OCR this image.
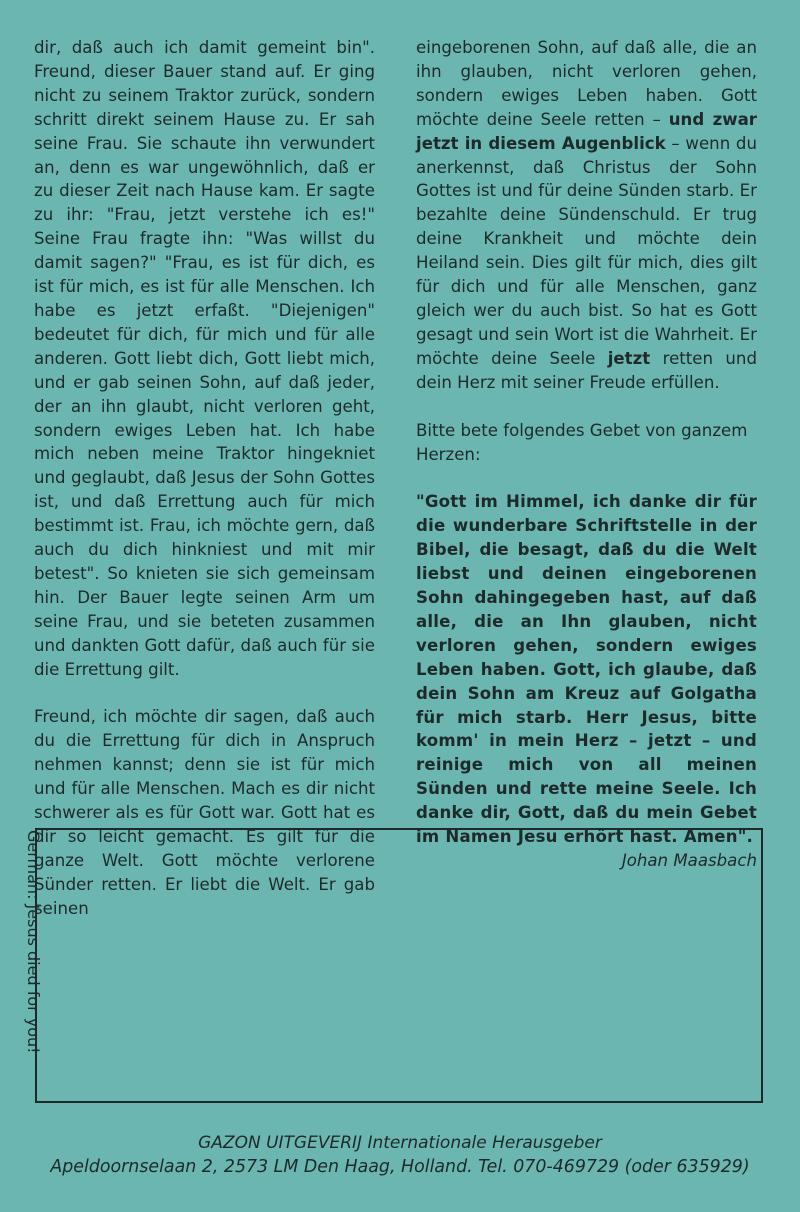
dir, daß auch ich damit gemeint bin". Freund, dieser Bauer stand auf. Er ging nicht zu seinem Traktor zurück, sondern schritt direkt seinem Hause zu. Er sah seine Frau. Sie schaute ihn verwundert an, denn es war ungewöhnlich, daß er zu dieser Zeit nach Hause kam. Er sagte zu ihr: "Frau, jetzt verstehe ich es!" Seine Frau fragte ihn: "Was willst du damit sagen?" "Frau, es ist für dich, es ist für mich, es ist für alle Menschen. Ich habe es jetzt erfaßt. "Diejenigen" bedeutet für dich, für mich und für alle anderen. Gott liebt dich, Gott liebt mich, und er gab seinen Sohn, auf daß jeder, der an ihn glaubt, nicht verloren geht, sondern ewiges Leben hat. Ich habe mich neben meine Traktor hingekniet und geglaubt, daß Jesus der Sohn Gottes ist, und daß Errettung auch für mich bestimmt ist. Frau, ich möchte gern, daß auch du dich hinkniest und mit mir betest". So knieten sie sich gemeinsam hin. Der Bauer legte seinen Arm um seine Frau, und sie beteten zusammen und dankten Gott dafür, daß auch für sie die Errettung gilt.

Freund, ich möchte dir sagen, daß auch du die Errettung für dich in Anspruch nehmen kannst; denn sie ist für mich und für alle Menschen. Mach es dir nicht schwerer als es für Gott war. Gott hat es dir so leicht gemacht. Es gilt für die ganze Welt. Gott möchte verlorene Sünder retten. Er liebt die Welt. Er gab seinen

eingeborenen Sohn, auf daß alle, die an ihn glauben, nicht verloren gehen, sondern ewiges Leben haben. Gott möchte deine Seele retten – und zwar jetzt in diesem Augenblick – wenn du anerkennst, daß Christus der Sohn Gottes ist und für deine Sünden starb. Er bezahlte deine Sündenschuld. Er trug deine Krankheit und möchte dein Heiland sein. Dies gilt für mich, dies gilt für dich und für alle Menschen, ganz gleich wer du auch bist. So hat es Gott gesagt und sein Wort ist die Wahrheit. Er möchte deine Seele jetzt retten und dein Herz mit seiner Freude erfüllen.

Bitte bete folgendes Gebet von ganzem Herzen:

"Gott im Himmel, ich danke dir für die wunderbare Schriftstelle in der Bibel, die besagt, daß du die Welt liebst und deinen eingeborenen Sohn dahingegeben hast, auf daß alle, die an Ihn glauben, nicht verloren gehen, sondern ewiges Leben haben. Gott, ich glaube, daß dein Sohn am Kreuz auf Golgatha für mich starb. Herr Jesus, bitte komm' in mein Herz – jetzt – und reinige mich von all meinen Sünden und rette meine Seele. Ich danke dir, Gott, daß du mein Gebet im Namen Jesu erhört hast. Amen".

Johan Maasbach

German: Jesus died for you!
GAZON UITGEVERIJ Internationale Herausgeber
Apeldoornselaan 2, 2573 LM Den Haag, Holland. Tel. 070-469729 (oder 635929)
